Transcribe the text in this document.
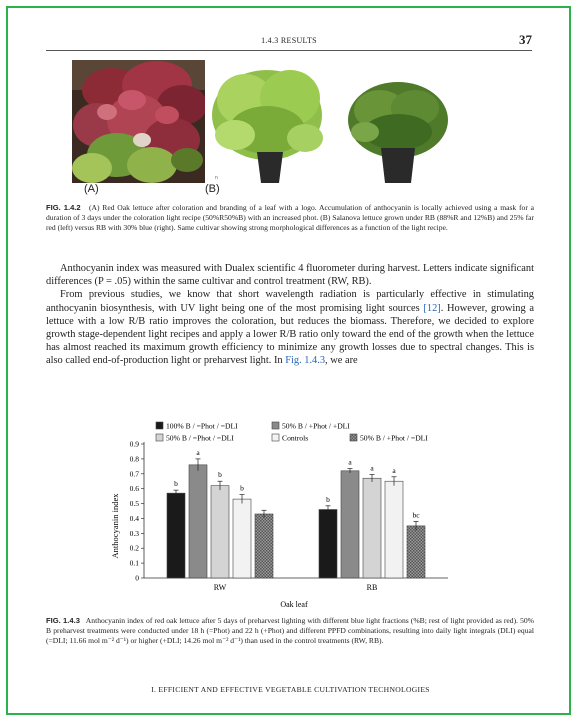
1.4.3 RESULTS	37
(A)	(B)
n
FIG. 1.4.2 (A) Red Oak lettuce after coloration and branding of a leaf with a logo. Accumulation of anthocyanin is locally achieved using a mask for a duration of 3 days under the coloration light recipe (50%R50%B) with an increased phot. (B) Salanova lettuce grown under RB (88%R and 12%B) and 25% far red (left) versus RB with 30% blue (right). Same cultivar showing strong morphological differences as a function of the light recipe.

Anthocyanin index was measured with Dualex scientific 4 fluorometer during harvest. Letters indicate significant differences (P = .05) within the same cultivar and control treatment (RW, RB).

From previous studies, we know that short wavelength radiation is particularly effective in stimulating anthocyanin biosynthesis, with UV light being one of the most promising light sources [12]. However, growing a lettuce with a low R/B ratio improves the coloration, but reduces the biomass. Therefore, we decided to explore growth stage-dependent light recipes and apply a lower R/B ratio only toward the end of the growth when the lettuce has almost reached its maximum growth efficiency to minimize any growth losses due to spectral changes. This is also called end-of-production light or preharvest light. In Fig. 1.4.3, we are

100% B / =Phot / =DLI	50% B / +Phot / +DLI
50% B / =Phot / =DLI	Controls	50% B / +Phot / =DLI
0
0.1
0.2
0.3
0.4
0.5
0.6
0.7
0.8
0.9
b
a
b
b
RW
b
a
a a
bc
RB
Anthocyanin index
Oak leaf
FIG. 1.4.3 Anthocyanin index of red oak lettuce after 5 days of preharvest lighting with different blue light fractions (%B; rest of light provided as red). 50% B preharvest treatments were conducted under 18 h (=Phot) and 22 h (+Phot) and different PPFD combinations, resulting into daily light integrals (DLI) equal (=DLI; 11.66 mol m⁻² d⁻¹) or higher (+DLI; 14.26 mol m⁻² d⁻¹) than used in the control treatments (RW, RB).
I. EFFICIENT AND EFFECTIVE VEGETABLE CULTIVATION TECHNOLOGIES
